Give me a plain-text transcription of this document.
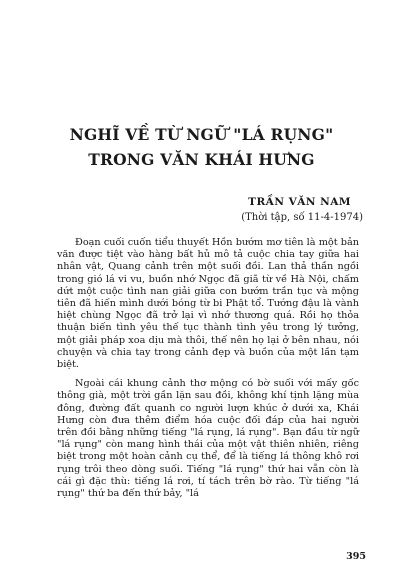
NGHĨ VỀ TỪ NGỮ "LÁ RỤNG"
TRONG VĂN KHÁI HƯNG
TRẦN VĂN NAM
(Thời tập, số 11-4-1974)

Đoạn cuối cuốn tiểu thuyết Hồn bướm mơ tiên là một bản văn được tiệt vào hàng bất hủ mô tả cuộc chia tay giữa hai nhân vật, Quang cảnh trên một suối đồi. Lan thả thần ngồi trong gió lá vi vu, buồn nhớ Ngọc đã giã từ về Hà Nội, chấm dứt một cuộc tình nan giải giữa con bướm trần tục và mộng tiên đã hiến mình dưới bóng từ bi Phật tổ. Tướng đậu là vành hiệt chùng Ngọc đã trở lại vì nhớ thương quá. Rồi họ thỏa thuận biến tình yêu thế tục thành tình yêu trong lý tưởng, một giải pháp xoa dịu mà thôi, thế nên họ lại ở bên nhau, nói chuyện và chia tay trong cảnh đẹp và buồn của một lần tạm biệt.

Ngoài cái khung cảnh thơ mộng có bờ suối với mấy gốc thông già, một trời gần lặn sau đồi, không khí tịnh lặng mùa đông, đường đất quanh co người lượn khúc ở dưới xa, Khái Hưng còn đưa thêm điểm hóa cuộc đối đáp của hai người trên đồi bằng những tiếng "lá rụng, lá rụng". Bạn đầu từ ngữ "lá rụng" còn mang hình thái của một vật thiên nhiên, riêng biệt trong một hoàn cảnh cụ thể, để là tiếng lá thông khô rơi rụng trôi theo dòng suối. Tiếng "lá rụng" thứ hai vẫn còn là cái gì đặc thù: tiếng lá rơi, tí tách trên bờ rào. Từ tiếng "lá rụng" thứ ba đến thứ bảy, "lá

395
